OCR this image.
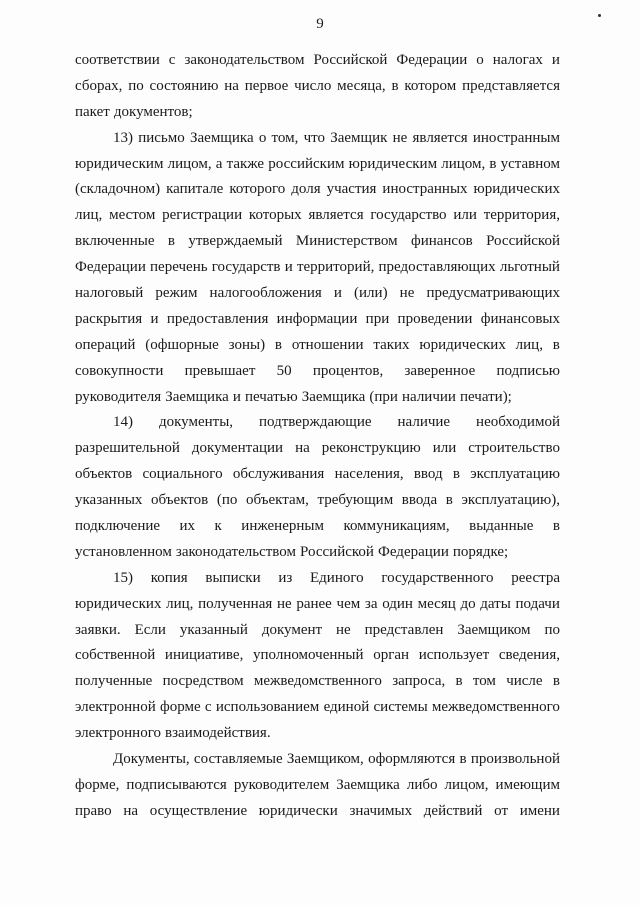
9
соответствии с законодательством Российской Федерации о налогах и
сборах, по состоянию на первое число месяца, в котором представляется
пакет документов;
13) письмо Заемщика о том, что Заемщик не является иностранным
юридическим лицом, а также российским юридическим лицом, в уставном
(складочном) капитале которого доля участия иностранных юридических
лиц, местом регистрации которых является государство или территория,
включенные в утверждаемый Министерством финансов Российской
Федерации перечень государств и территорий, предоставляющих льготный
налоговый режим налогообложения и (или) не предусматривающих
раскрытия и предоставления информации при проведении финансовых
операций (офшорные зоны) в отношении таких юридических лиц, в
совокупности превышает 50 процентов, заверенное подписью
руководителя Заемщика и печатью Заемщика (при наличии печати);
14) документы, подтверждающие наличие необходимой
разрешительной документации на реконструкцию или строительство
объектов социального обслуживания населения, ввод в эксплуатацию
указанных объектов (по объектам, требующим ввода в эксплуатацию),
подключение их к инженерным коммуникациям, выданные в
установленном законодательством Российской Федерации порядке;
15) копия выписки из Единого государственного реестра
юридических лиц, полученная не ранее чем за один месяц до даты подачи
заявки. Если указанный документ не представлен Заемщиком по
собственной инициативе, уполномоченный орган использует сведения,
полученные посредством межведомственного запроса, в том числе в
электронной форме с использованием единой системы межведомственного
электронного взаимодействия.
Документы, составляемые Заемщиком, оформляются в произвольной
форме, подписываются руководителем Заемщика либо лицом, имеющим
право на осуществление юридически значимых действий от имени
